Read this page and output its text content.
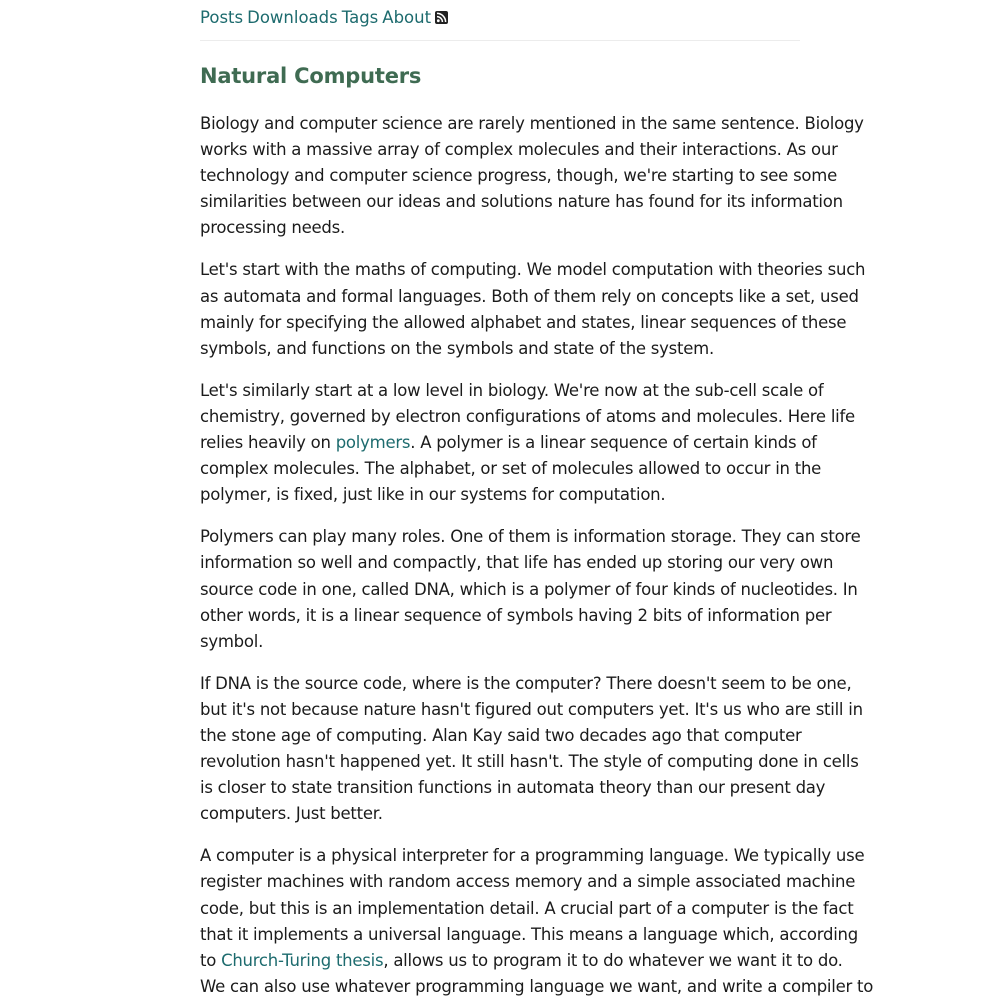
Posts Downloads Tags About
Natural Computers

Biology and computer science are rarely mentioned in the same sentence. Biology
works with a massive array of complex molecules and their interactions. As our
technology and computer science progress, though, we're starting to see some
similarities between our ideas and solutions nature has found for its information
processing needs.

Let's start with the maths of computing. We model computation with theories such
as automata and formal languages. Both of them rely on concepts like a set, used
mainly for specifying the allowed alphabet and states, linear sequences of these
symbols, and functions on the symbols and state of the system.

Let's similarly start at a low level in biology. We're now at the sub-cell scale of
chemistry, governed by electron configurations of atoms and molecules. Here life
relies heavily on polymers. A polymer is a linear sequence of certain kinds of
complex molecules. The alphabet, or set of molecules allowed to occur in the
polymer, is fixed, just like in our systems for computation.

Polymers can play many roles. One of them is information storage. They can store
information so well and compactly, that life has ended up storing our very own
source code in one, called DNA, which is a polymer of four kinds of nucleotides. In
other words, it is a linear sequence of symbols having 2 bits of information per
symbol.

If DNA is the source code, where is the computer? There doesn't seem to be one,
but it's not because nature hasn't figured out computers yet. It's us who are still in
the stone age of computing. Alan Kay said two decades ago that computer
revolution hasn't happened yet. It still hasn't. The style of computing done in cells
is closer to state transition functions in automata theory than our present day
computers. Just better.

A computer is a physical interpreter for a programming language. We typically use
register machines with random access memory and a simple associated machine
code, but this is an implementation detail. A crucial part of a computer is the fact
that it implements a universal language. This means a language which, according
to Church-Turing thesis, allows us to program it to do whatever we want it to do.
We can also use whatever programming language we want, and write a compiler to
